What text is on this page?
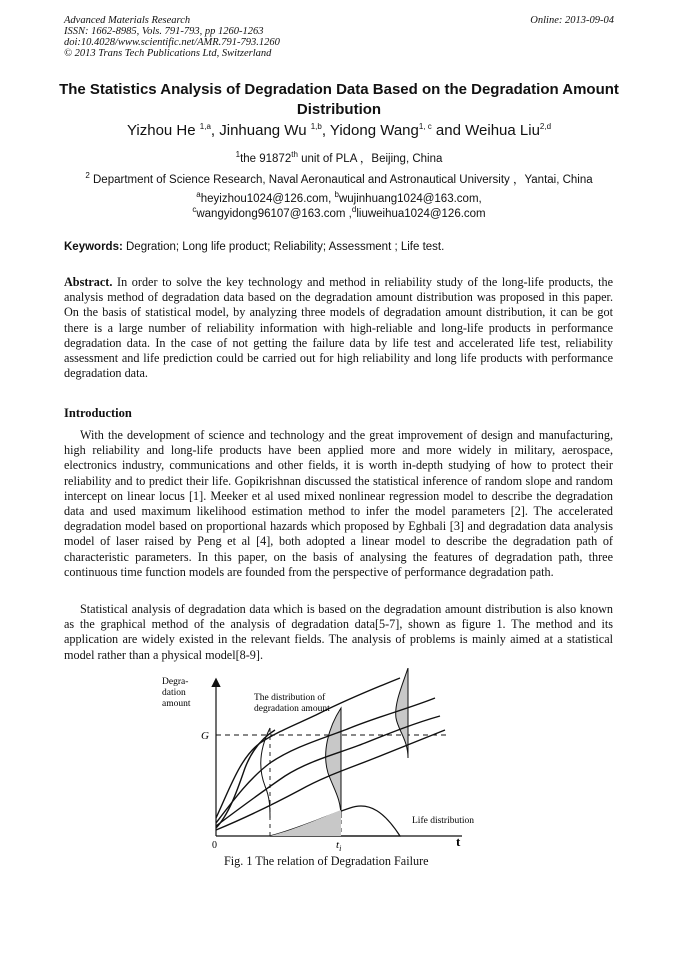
Advanced Materials Research
ISSN: 1662-8985, Vols. 791-793, pp 1260-1263
doi:10.4028/www.scientific.net/AMR.791-793.1260
© 2013 Trans Tech Publications Ltd, Switzerland
Online: 2013-09-04
The Statistics Analysis of Degradation Data Based on the Degradation Amount Distribution
Yizhou He $^{1,a}$, Jinhuang Wu $^{1,b}$, Yidong Wang$^{1, c}$ and Weihua Liu$^{2,d}$
$^1$the 91872th unit of PLA ，Beijing, China
$^2$ Department of Science Research, Naval Aeronautical and Astronautical University ，Yantai, China
$^a$heyizhou1024@126.com, $^b$wujinhuang1024@163.com,
$^c$wangyidong96107@163.com ,$^d$liuweihua1024@126.com
Keywords: Degration; Long life product; Reliability; Assessment ; Life test.
Abstract. In order to solve the key technology and method in reliability study of the long-life products, the analysis method of degradation data based on the degradation amount distribution was proposed in this paper. On the basis of statistical model, by analyzing three models of degradation amount distribution, it can be got there is a large number of reliability information with high-reliable and long-life products in performance degradation data. In the case of not getting the failure data by life test and accelerated life test, reliability assessment and life prediction could be carried out for high reliability and long life products with performance degradation data.
Introduction
With the development of science and technology and the great improvement of design and manufacturing, high reliability and long-life products have been applied more and more widely in military, aerospace, electronics industry, communications and other fields, it is worth in-depth studying of how to protect their reliability and to predict their life. Gopikrishnan discussed the statistical inference of random slope and random intercept on linear locus [1]. Meeker et al used mixed nonlinear regression model to describe the degradation data and used maximum likelihood estimation method to infer the model parameters [2]. The accelerated degradation model based on proportional hazards which proposed by Eghbali [3] and degradation data analysis model of laser raised by Peng et al [4], both adopted a linear model to describe the degradation path of characteristic parameters. In this paper, on the basis of analysing the features of degradation path, three continuous time function models are founded from the perspective of performance degradation path.
Statistical analysis of degradation data which is based on the degradation amount distribution is also known as the graphical method of the analysis of degradation data[5-7], shown as figure 1. The method and its application are widely existed in the relevant fields. The analysis of problems is mainly aimed at a statistical model rather than a physical model[8-9].
Degra-
dation
amount
The distribution of
degradation amount
G
Life distribution
0	$t_i$	t
Fig. 1 The relation of Degradation Failure
